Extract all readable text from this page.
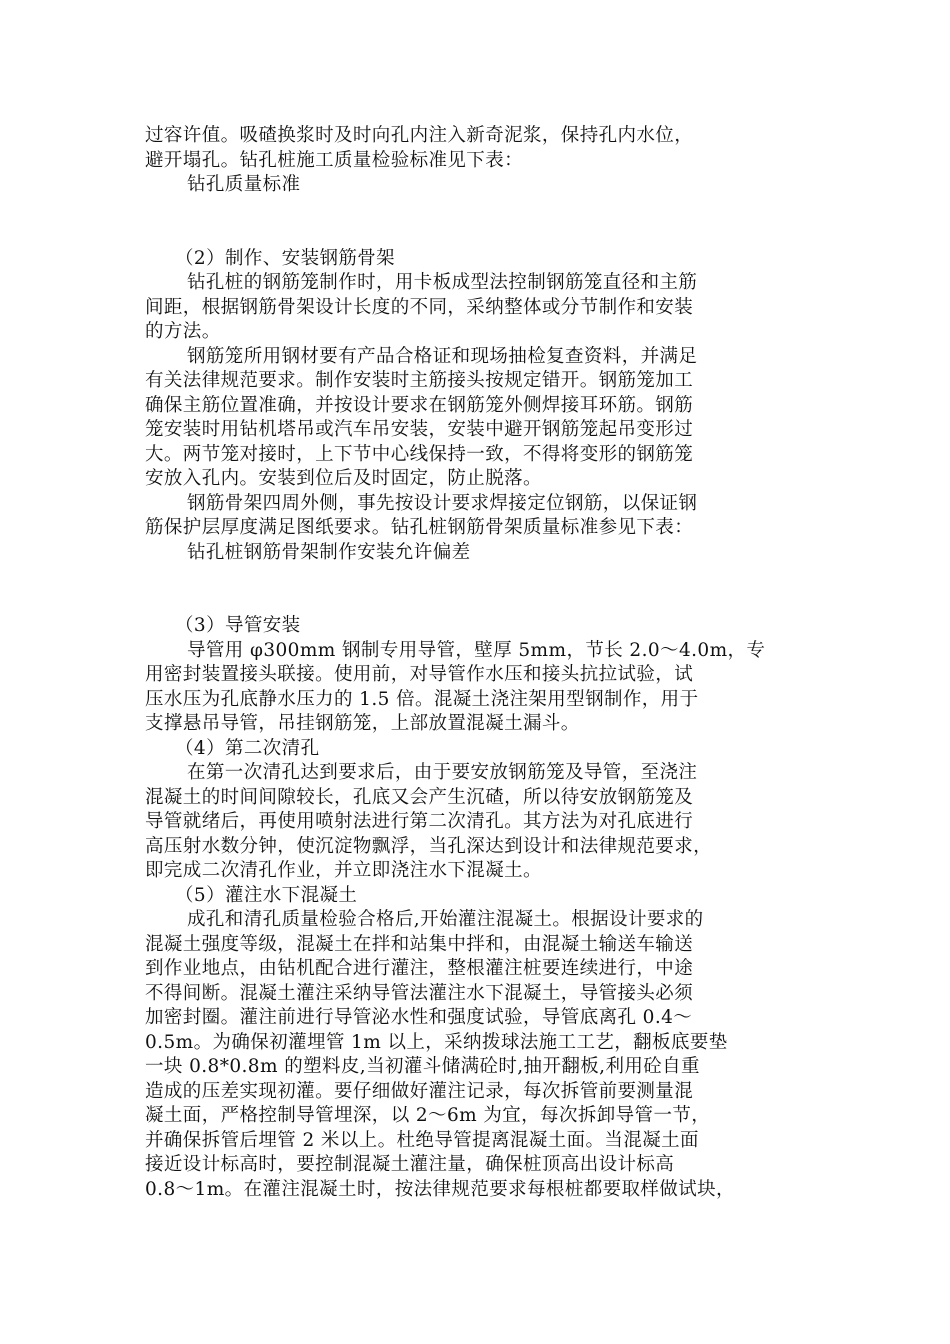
过容许值。吸碴换浆时及时向孔内注入新奇泥浆，保持孔内水位，
避开塌孔。钻孔桩施工质量检验标准见下表：
钻孔质量标准
（2）制作、安装钢筋骨架
钻孔桩的钢筋笼制作时，用卡板成型法控制钢筋笼直径和主筋
间距，根据钢筋骨架设计长度的不同，采纳整体或分节制作和安装
的方法。
钢筋笼所用钢材要有产品合格证和现场抽检复查资料，并满足
有关法律规范要求。制作安装时主筋接头按规定错开。钢筋笼加工
确保主筋位置准确，并按设计要求在钢筋笼外侧焊接耳环筋。钢筋
笼安装时用钻机塔吊或汽车吊安装，安装中避开钢筋笼起吊变形过
大。两节笼对接时，上下节中心线保持一致，不得将变形的钢筋笼
安放入孔内。安装到位后及时固定，防止脱落。
钢筋骨架四周外侧，事先按设计要求焊接定位钢筋，以保证钢
筋保护层厚度满足图纸要求。钻孔桩钢筋骨架质量标准参见下表：
钻孔桩钢筋骨架制作安装允许偏差
（3）导管安装
导管用 φ300mm 钢制专用导管，壁厚 5mm，节长 2.0～4.0m，专
用密封装置接头联接。使用前，对导管作水压和接头抗拉试验，试
压水压为孔底静水压力的 1.5 倍。混凝土浇注架用型钢制作，用于
支撑悬吊导管，吊挂钢筋笼，上部放置混凝土漏斗。
（4）第二次清孔
在第一次清孔达到要求后，由于要安放钢筋笼及导管，至浇注
混凝土的时间间隙较长，孔底又会产生沉碴，所以待安放钢筋笼及
导管就绪后，再使用喷射法进行第二次清孔。其方法为对孔底进行
高压射水数分钟，使沉淀物飘浮，当孔深达到设计和法律规范要求，
即完成二次清孔作业，并立即浇注水下混凝土。
（5）灌注水下混凝土
成孔和清孔质量检验合格后,开始灌注混凝土。根据设计要求的
混凝土强度等级，混凝土在拌和站集中拌和，由混凝土输送车输送
到作业地点，由钻机配合进行灌注，整根灌注桩要连续进行，中途
不得间断。混凝土灌注采纳导管法灌注水下混凝土，导管接头必须
加密封圈。灌注前进行导管泌水性和强度试验，导管底离孔 0.4～
0.5m。为确保初灌埋管 1m 以上，采纳拨球法施工工艺，翻板底要垫
一块 0.8*0.8m 的塑料皮,当初灌斗储满砼时,抽开翻板,利用砼自重
造成的压差实现初灌。要仔细做好灌注记录，每次拆管前要测量混
凝土面，严格控制导管埋深，以 2～6m 为宜，每次拆卸导管一节，
并确保拆管后埋管 2 米以上。杜绝导管提离混凝土面。当混凝土面
接近设计标高时，要控制混凝土灌注量，确保桩顶高出设计标高
0.8～1m。在灌注混凝土时，按法律规范要求每根桩都要取样做试块，
